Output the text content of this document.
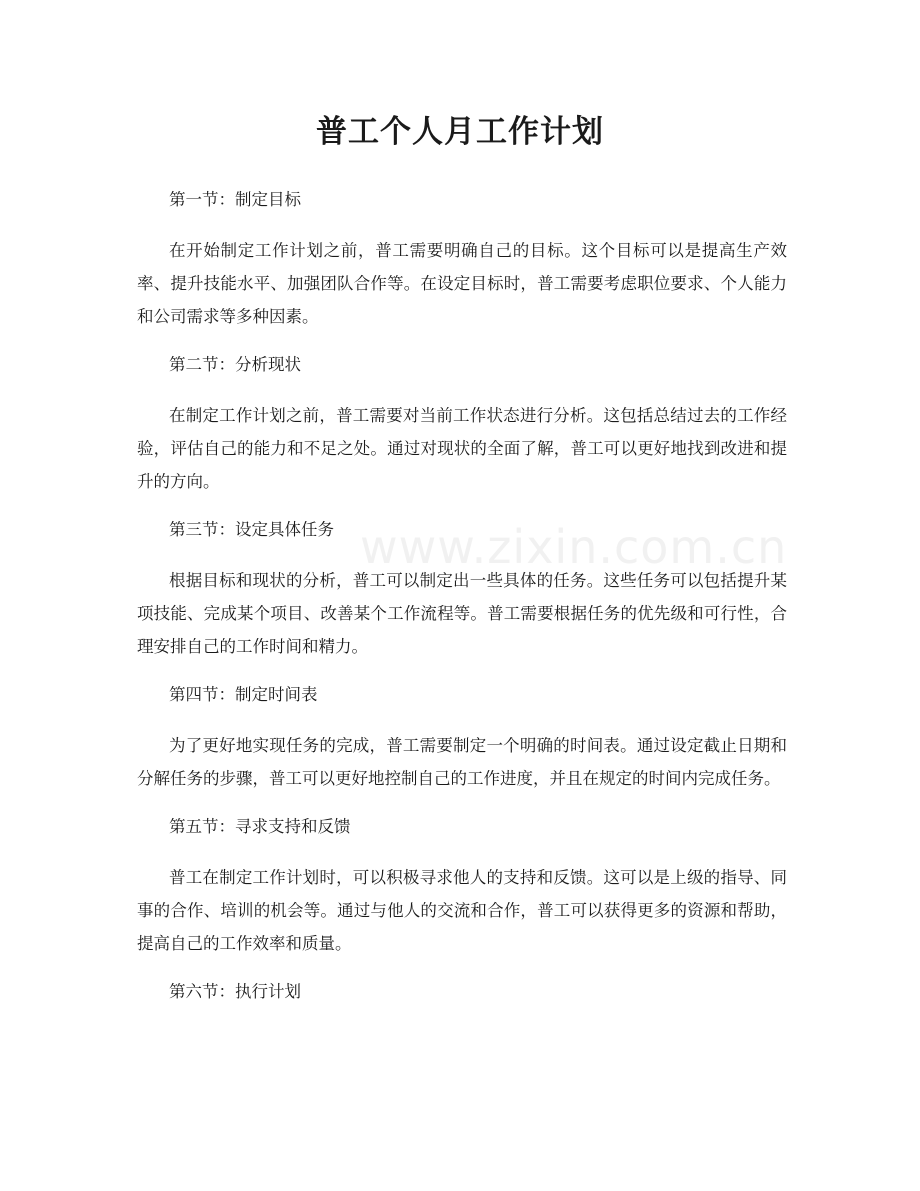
www.zixin.com.cn
普工个人月工作计划

第一节：制定目标

在开始制定工作计划之前，普工需要明确自己的目标。这个目标可以是提高生产效率、提升技能水平、加强团队合作等。在设定目标时，普工需要考虑职位要求、个人能力和公司需求等多种因素。

第二节：分析现状

在制定工作计划之前，普工需要对当前工作状态进行分析。这包括总结过去的工作经验，评估自己的能力和不足之处。通过对现状的全面了解，普工可以更好地找到改进和提升的方向。

第三节：设定具体任务

根据目标和现状的分析，普工可以制定出一些具体的任务。这些任务可以包括提升某项技能、完成某个项目、改善某个工作流程等。普工需要根据任务的优先级和可行性，合理安排自己的工作时间和精力。

第四节：制定时间表

为了更好地实现任务的完成，普工需要制定一个明确的时间表。通过设定截止日期和分解任务的步骤，普工可以更好地控制自己的工作进度，并且在规定的时间内完成任务。

第五节：寻求支持和反馈

普工在制定工作计划时，可以积极寻求他人的支持和反馈。这可以是上级的指导、同事的合作、培训的机会等。通过与他人的交流和合作，普工可以获得更多的资源和帮助，提高自己的工作效率和质量。

第六节：执行计划
